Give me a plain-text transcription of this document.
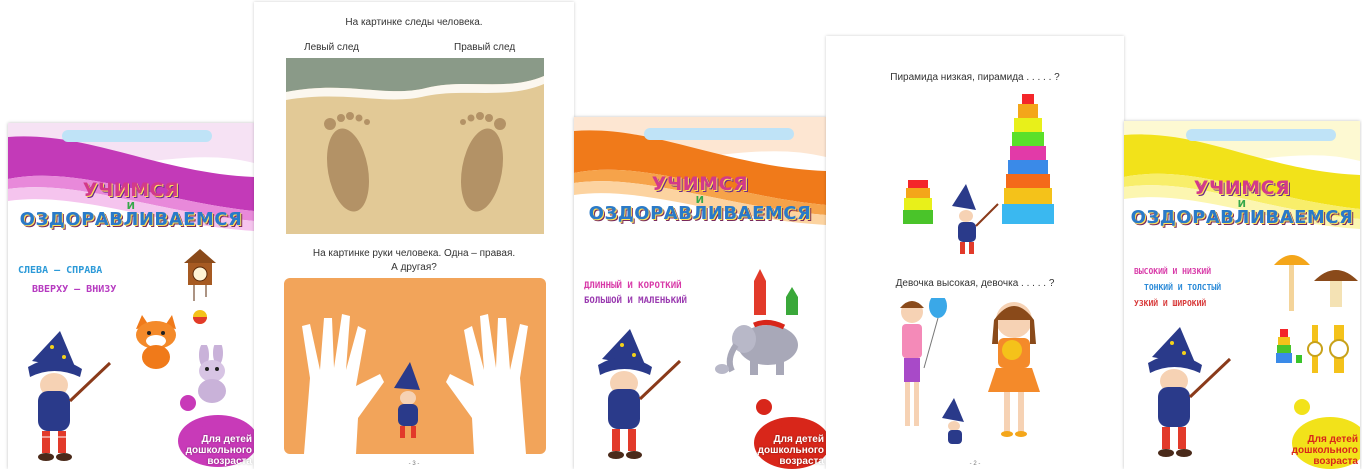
УЧИМСЯ
И
ОЗДОРАВЛИВАЕМСЯ
СЛЕВА – СПРАВА
ВВЕРХУ – ВНИЗУ
Для детей
дошкольного
возраста
На картинке следы человека.
Левый след	Правый след
На картинке руки человека. Одна – правая.
А другая?
- 3 -
УЧИМСЯ
И
ОЗДОРАВЛИВАЕМСЯ
ДЛИННЫЙ И КОРОТКИЙ
БОЛЬШОЙ И МАЛЕНЬКИЙ
Для детей
дошкольного
возраста
Пирамида низкая, пирамида . . . . . ?
Девочка высокая, девочка . . . . . ?
- 2 -
УЧИМСЯ
И
ОЗДОРАВЛИВАЕМСЯ
ВЫСОКИЙ И НИЗКИЙ
ТОНКИЙ И ТОЛСТЫЙ
УЗКИЙ И ШИРОКИЙ
Для детей
дошкольного
возраста
